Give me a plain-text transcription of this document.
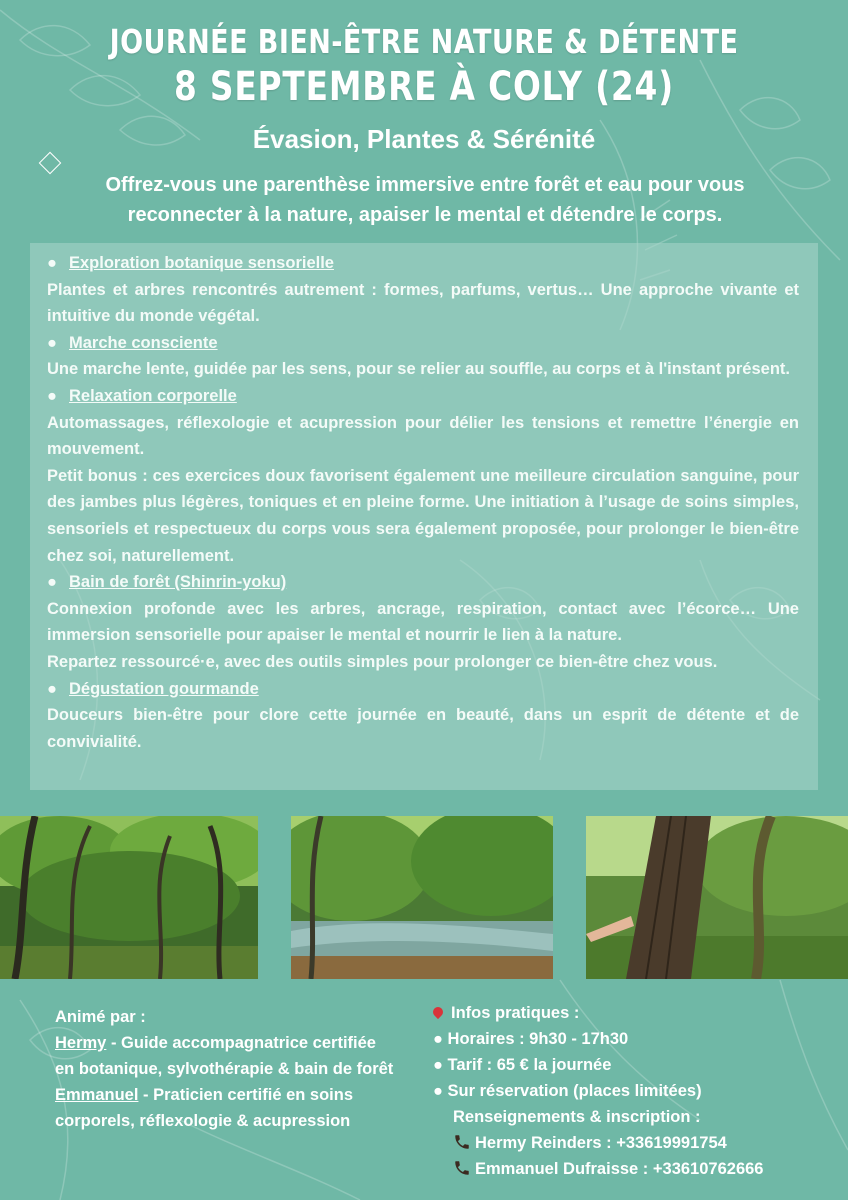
JOURNÉE BIEN-ÊTRE NATURE & DÉTENTE
8 SEPTEMBRE À COLY (24)
Évasion, Plantes & Sérénité
Offrez-vous une parenthèse immersive entre forêt et eau pour vous reconnecter à la nature, apaiser le mental et détendre le corps.

● Exploration botanique sensorielle

Plantes et arbres rencontrés autrement : formes, parfums, vertus… Une approche vivante et intuitive du monde végétal.

● Marche consciente

Une marche lente, guidée par les sens, pour se relier au souffle, au corps et à l'instant présent.

● Relaxation corporelle

Automassages, réflexologie et acupression pour délier les tensions et remettre l’énergie en mouvement.

Petit bonus : ces exercices doux favorisent également une meilleure circulation sanguine, pour des jambes plus légères, toniques et en pleine forme. Une initiation à l’usage de soins simples, sensoriels et respectueux du corps vous sera également proposée, pour prolonger le bien-être chez soi, naturellement.

● Bain de forêt (Shinrin-yoku)

Connexion profonde avec les arbres, ancrage, respiration, contact avec l’écorce… Une immersion sensorielle pour apaiser le mental et nourrir le lien à la nature.

Repartez ressourcé·e, avec des outils simples pour prolonger ce bien-être chez vous.

● Dégustation gourmande

Douceurs bien-être pour clore cette journée en beauté, dans un esprit de détente et de convivialité.

Animé par :
Hermy - Guide accompagnatrice certifiée en botanique, sylvothérapie & bain de forêt
Emmanuel - Praticien certifié en soins corporels, réflexologie & acupression
Infos pratiques :
● Horaires : 9h30 - 17h30
● Tarif : 65 € la journée
● Sur réservation (places limitées)
Renseignements & inscription :
Hermy Reinders : +33619991754
Emmanuel Dufraisse : +33610762666
